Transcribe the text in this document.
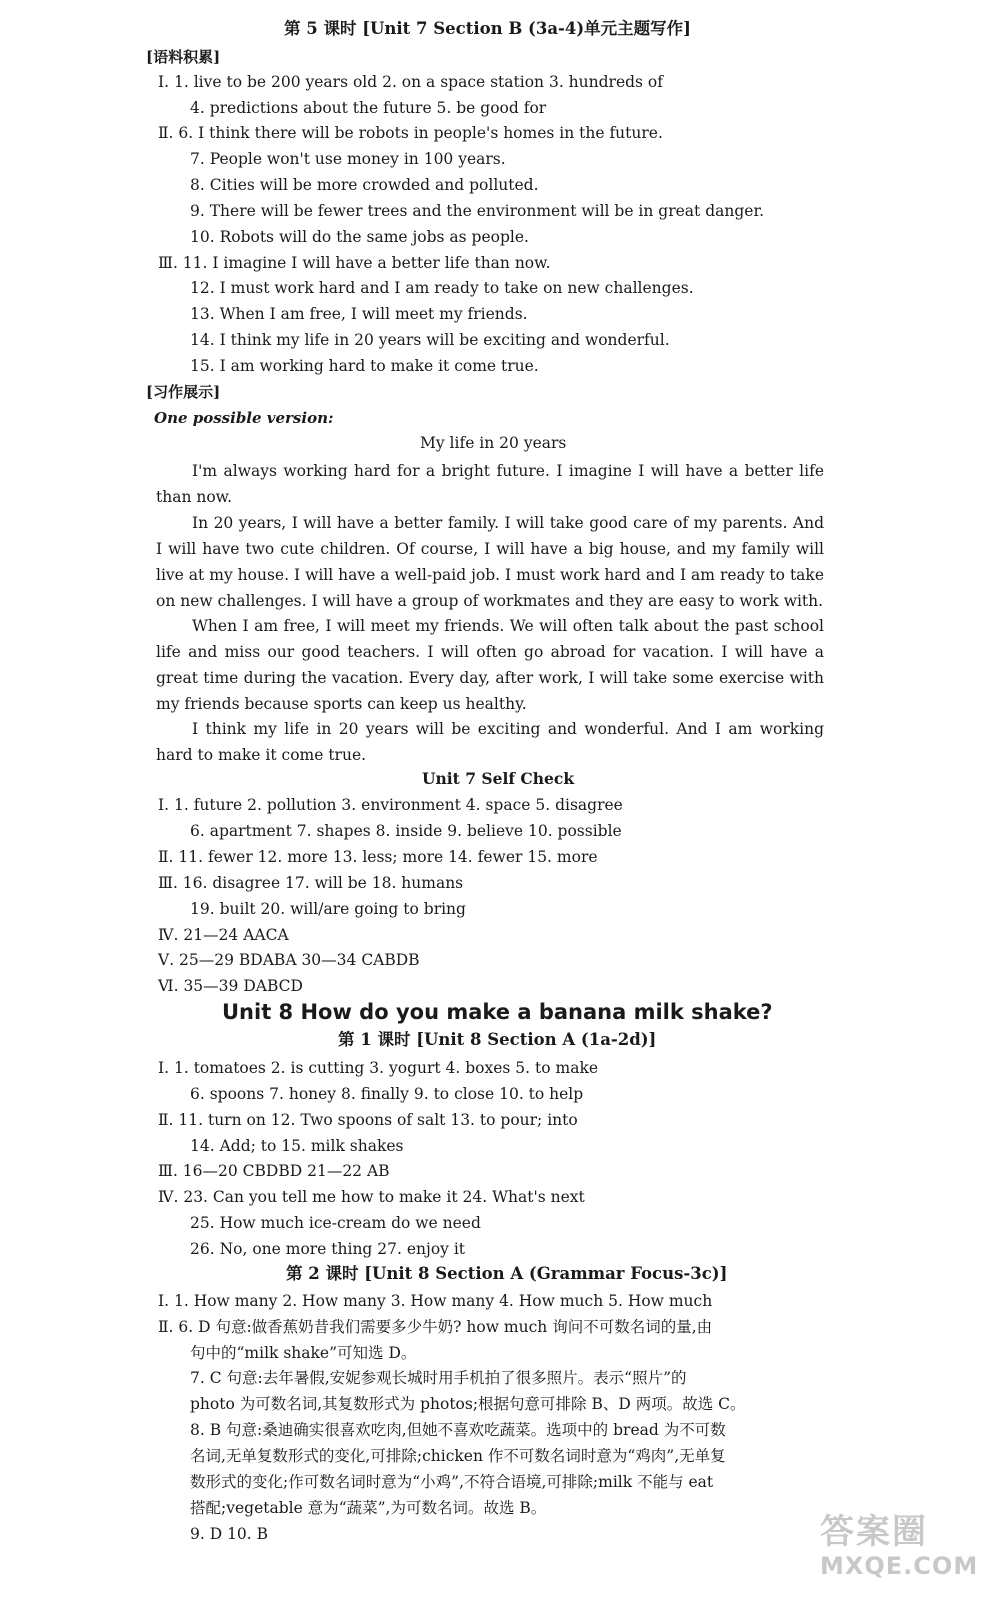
第 5 课时 [Unit 7 Section B (3a-4)单元主题写作]
[语料积累]
Ⅰ. 1. live to be 200 years old 2. on a space station 3. hundreds of
4. predictions about the future 5. be good for
Ⅱ. 6. I think there will be robots in people's homes in the future.
7. People won't use money in 100 years.
8. Cities will be more crowded and polluted.
9. There will be fewer trees and the environment will be in great danger.
10. Robots will do the same jobs as people.
Ⅲ. 11. I imagine I will have a better life than now.
12. I must work hard and I am ready to take on new challenges.
13. When I am free, I will meet my friends.
14. I think my life in 20 years will be exciting and wonderful.
15. I am working hard to make it come true.
[习作展示]
One possible version:
My life in 20 years
Unit 7 Self Check
Ⅰ. 1. future 2. pollution 3. environment 4. space 5. disagree
6. apartment 7. shapes 8. inside 9. believe 10. possible
Ⅱ. 11. fewer 12. more 13. less; more 14. fewer 15. more
Ⅲ. 16. disagree 17. will be 18. humans
19. built 20. will/are going to bring
Ⅳ. 21—24 AACA
Ⅴ. 25—29 BDABA 30—34 CABDB
Ⅵ. 35—39 DABCD
Unit 8 How do you make a banana milk shake?
第 1 课时 [Unit 8 Section A (1a-2d)]
Ⅰ. 1. tomatoes 2. is cutting 3. yogurt 4. boxes 5. to make
6. spoons 7. honey 8. finally 9. to close 10. to help
Ⅱ. 11. turn on 12. Two spoons of salt 13. to pour; into
14. Add; to 15. milk shakes
Ⅲ. 16—20 CBDBD 21—22 AB
Ⅳ. 23. Can you tell me how to make it 24. What's next
25. How much ice-cream do we need
26. No, one more thing 27. enjoy it
第 2 课时 [Unit 8 Section A (Grammar Focus-3c)]
Ⅰ. 1. How many 2. How many 3. How many 4. How much 5. How much
Ⅱ. 6. D 句意:做香蕉奶昔我们需要多少牛奶? how much 询问不可数名词的量,由
句中的“milk shake”可知选 D。
7. C 句意:去年暑假,安妮参观长城时用手机拍了很多照片。表示“照片”的
photo 为可数名词,其复数形式为 photos;根据句意可排除 B、D 两项。故选 C。
8. B 句意:桑迪确实很喜欢吃肉,但她不喜欢吃蔬菜。选项中的 bread 为不可数
名词,无单复数形式的变化,可排除;chicken 作不可数名词时意为“鸡肉”,无单复
数形式的变化;作可数名词时意为“小鸡”,不符合语境,可排除;milk 不能与 eat
搭配;vegetable 意为“蔬菜”,为可数名词。故选 B。
9. D 10. B
I'm always working hard for a bright future. I imagine I will have a better life than now.
In 20 years, I will have a better family. I will take good care of my parents. And I will have two cute children. Of course, I will have a big house, and my family will live at my house. I will have a well-paid job. I must work hard and I am ready to take on new challenges. I will have a group of workmates and they are easy to work with.
When I am free, I will meet my friends. We will often talk about the past school life and miss our good teachers. I will often go abroad for vacation. I will have a great time during the vacation. Every day, after work, I will take some exercise with my friends because sports can keep us healthy.
I think my life in 20 years will be exciting and wonderful. And I am working hard to make it come true.
答案圈
MXQE.COM
